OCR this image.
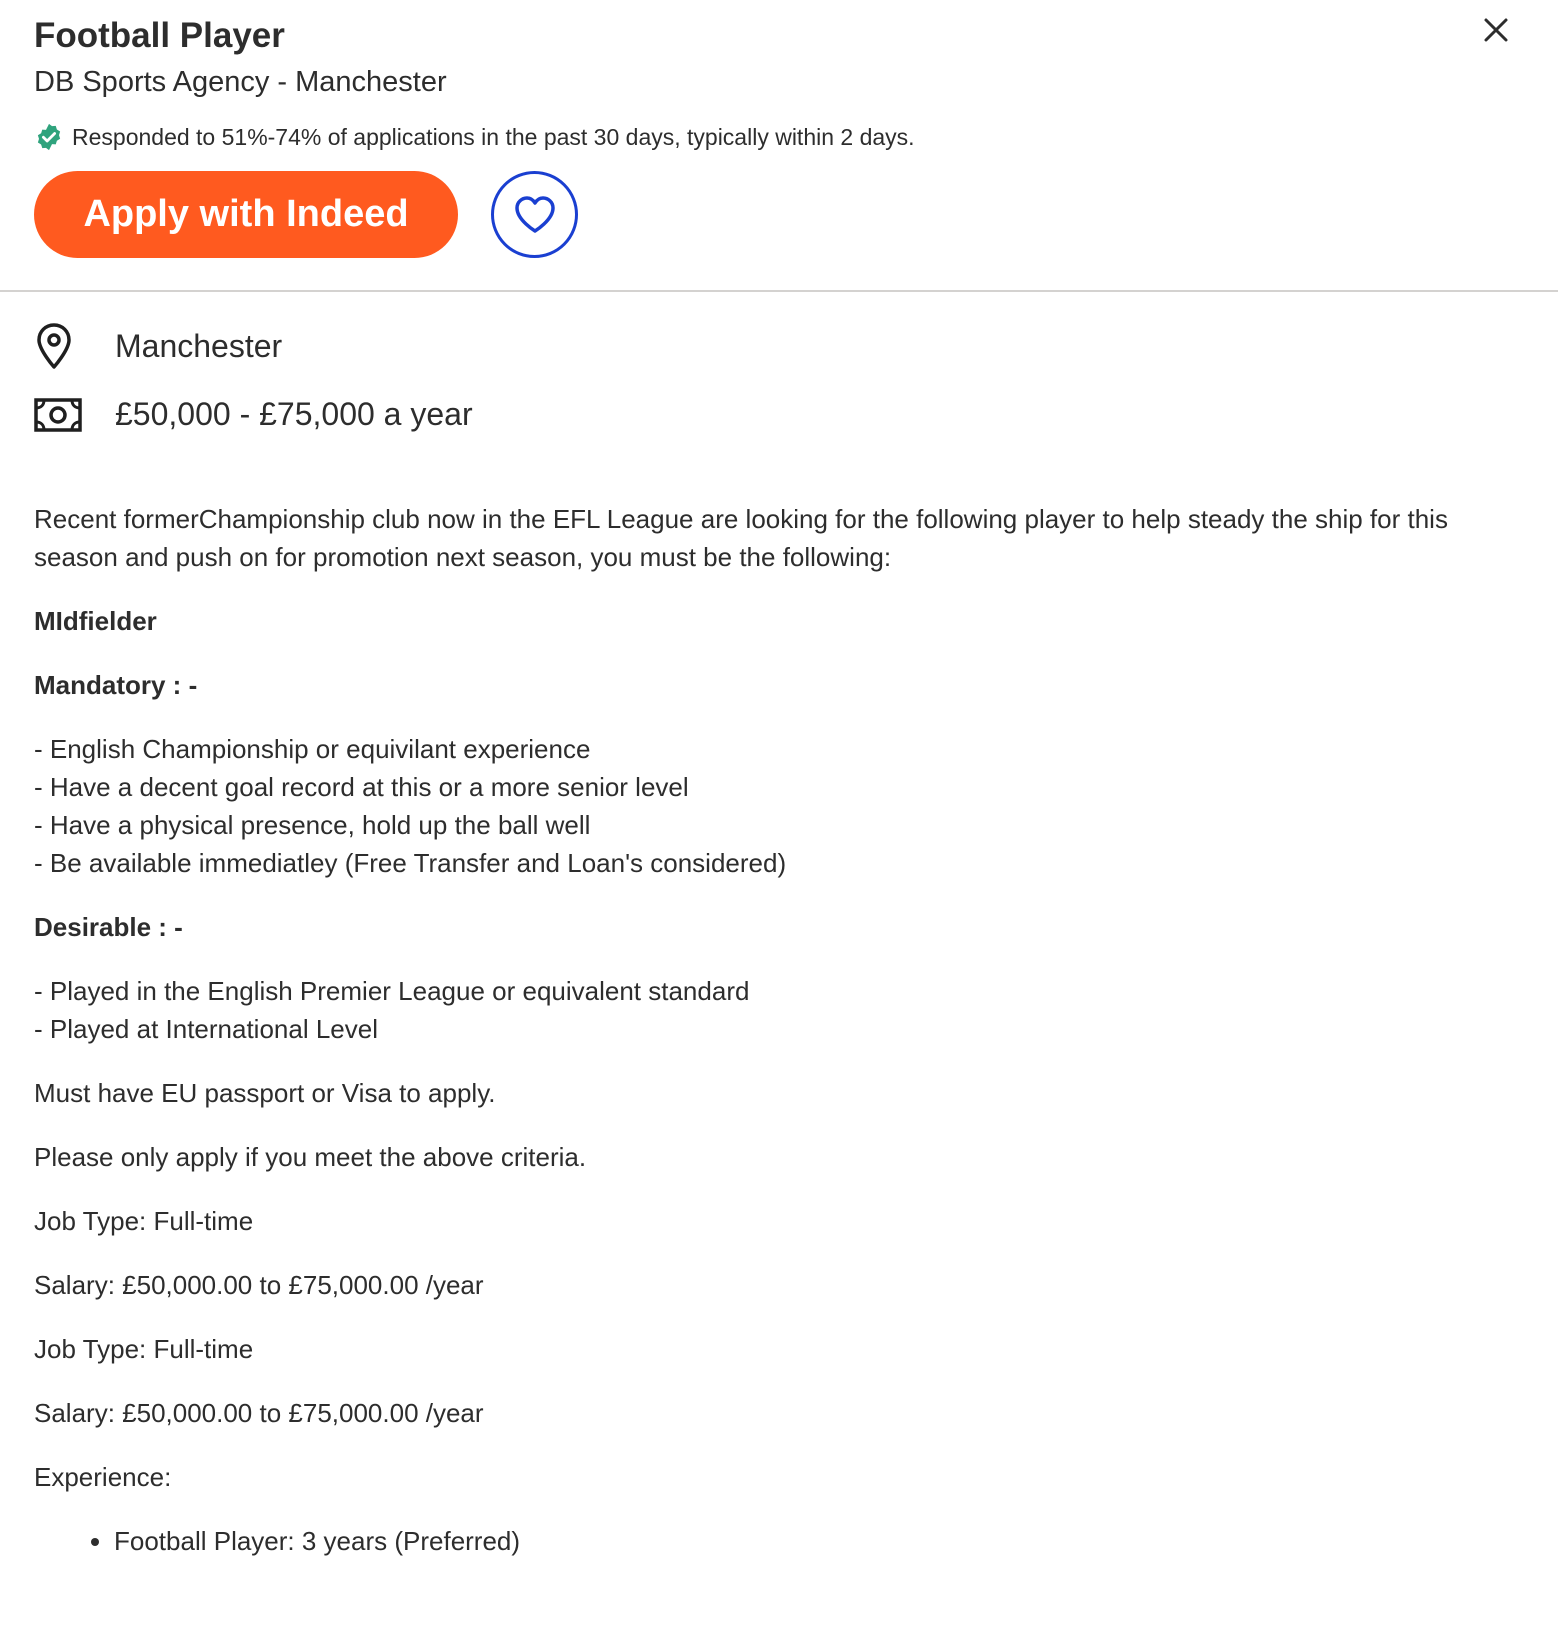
Football Player
DB Sports Agency - Manchester
Responded to 51%-74% of applications in the past 30 days, typically within 2 days.
Apply with Indeed
Manchester
£50,000 - £75,000 a year

Recent formerChampionship club now in the EFL League are looking for the following player to help steady the ship for this season and push on for promotion next season, you must be the following:

MIdfielder

Mandatory : -

- English Championship or equivilant experience
- Have a decent goal record at this or a more senior level
- Have a physical presence, hold up the ball well
- Be available immediatley (Free Transfer and Loan's considered)

Desirable : -

- Played in the English Premier League or equivalent standard
- Played at International Level

Must have EU passport or Visa to apply.

Please only apply if you meet the above criteria.

Job Type: Full-time

Salary: £50,000.00 to £75,000.00 /year

Job Type: Full-time

Salary: £50,000.00 to £75,000.00 /year

Experience:

• Football Player: 3 years (Preferred)
